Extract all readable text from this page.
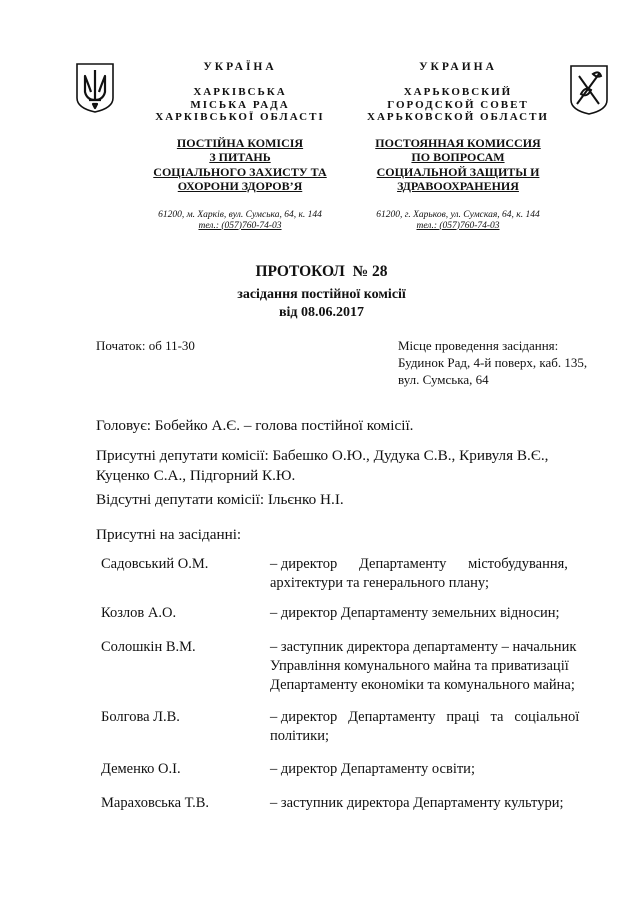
УКРАЇНА
ХАРКІВСЬКА
МІСЬКА РАДА
ХАРКІВСЬКОЇ ОБЛАСТІ
ПОСТІЙНА КОМІСІЯ
З ПИТАНЬ
СОЦІАЛЬНОГО ЗАХИСТУ ТА
ОХОРОНИ ЗДОРОВ’Я
61200, м. Харків, вул. Сумська, 64, к. 144
тел.: (057)760-74-03
УКРАИНА
ХАРЬКОВСКИЙ
ГОРОДСКОЙ СОВЕТ
ХАРЬКОВСКОЙ ОБЛАСТИ
ПОСТОЯННАЯ КОМИССИЯ
ПО ВОПРОСАМ
СОЦИАЛЬНОЙ ЗАЩИТЫ И
ЗДРАВООХРАНЕНИЯ
61200, г. Харьков, ул. Сумская, 64, к. 144
тел.: (057)760-74-03
ПРОТОКОЛ  № 28
засідання постійної комісії
від 08.06.2017
Початок: об 11-30	Місце проведення засідання:
Будинок Рад, 4-й поверх, каб. 135,
вул. Сумська, 64
Головує: Бобейко А.Є. – голова постійної комісії.
Присутні депутати комісії: Бабешко О.Ю., Дудука С.В., Кривуля В.Є.,
Куценко С.А., Підгорний К.Ю.
Відсутні депутати комісії: Ільєнко Н.І.
Присутні на засіданні:
Садовський О.М.	– директор      Департаменту      містобудування,
архітектури та генерального плану;
Козлов А.О.	– директор Департаменту земельних відносин;
Солошкін В.М.	– заступник директора департаменту – начальник
Управління комунального майна та приватизації
Департаменту економіки та комунального майна;
Болгова Л.В.	– директор   Департаменту   праці   та   соціальної
політики;
Деменко О.І.	– директор Департаменту освіти;
Мараховська Т.В.	– заступник директора Департаменту культури;
